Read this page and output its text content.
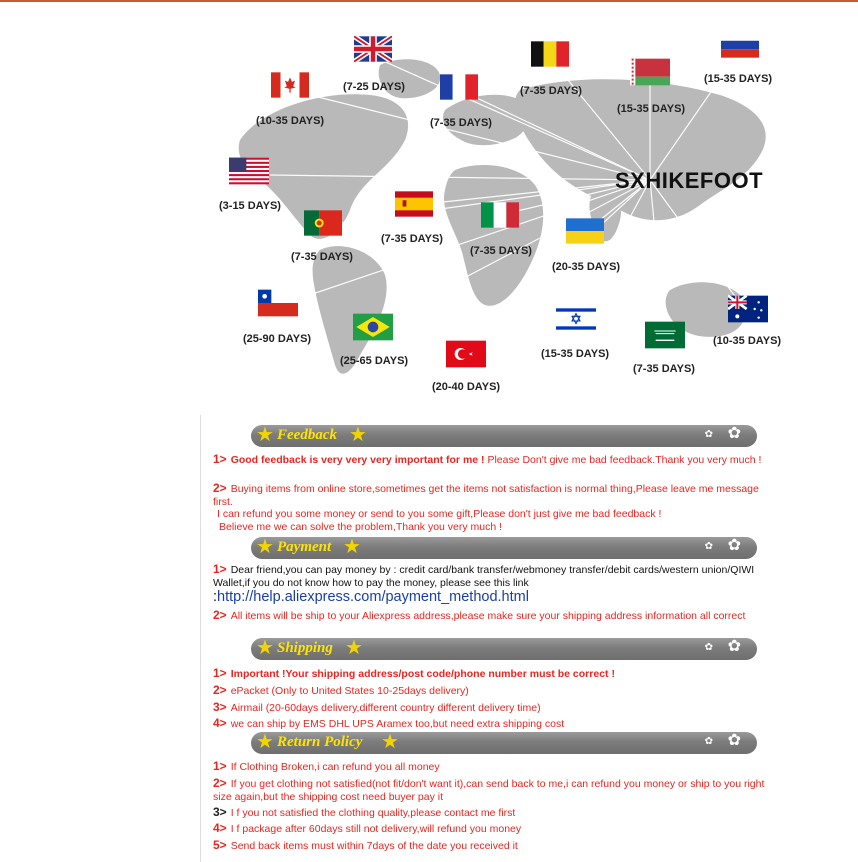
(7-25 DAYS)
(10-35 DAYS)	(7-35 DAYS)
(7-35 DAYS)
(15-35 DAYS)
(15-35 DAYS)
(3-15 DAYS)
(7-35 DAYS)
(7-35 DAYS)
(7-35 DAYS)
(20-35 DAYS)
(25-90 DAYS)
(25-65 DAYS)
(20-40 DAYS)
(15-35 DAYS)
(7-35 DAYS)
(10-35 DAYS)
SXHIKEFOOT
★ Feedback ★	✿ ✿
1> Good feedback is very very very important for me ! Please Don't give me bad feedback.Thank you very much !
2> Buying items from online store,sometimes get the items not satisfaction is normal thing,Please leave me message first.
I can refund you some money or send to you some gift,Please don't just give me bad feedback !
Believe me we can solve the problem,Thank you very much !
★ Payment ★	✿ ✿
1> Dear friend,you can pay money by : credit card/bank transfer/webmoney transfer/debit cards/western union/QIWI Wallet,if you do not know how to pay the money, please see this link
:http://help.aliexpress.com/payment_method.html
2> All items will be ship to your Aliexpress address,please make sure your shipping address information all correct
★ Shipping ★	✿ ✿
1> Important !Your shipping address/post code/phone number must be correct !
2> ePacket (Only to United States 10-25days delivery)
3> Airmail (20-60days delivery,different country different delivery time)
4> we can ship by EMS DHL UPS Aramex too,but need extra shipping cost
★ Return Policy ★	✿ ✿
1> If Clothing Broken,i can refund you all money
2> If you get clothing not satisfied(not fit/don't want it),can send back to me,i can refund you money or ship to you right size again,but the shipping cost need buyer pay it
3> I f you not satisfied the clothing quality,please contact me first
4> I f package after 60days still not delivery,will refund you money
5> Send back items must within 7days of the date you received it
